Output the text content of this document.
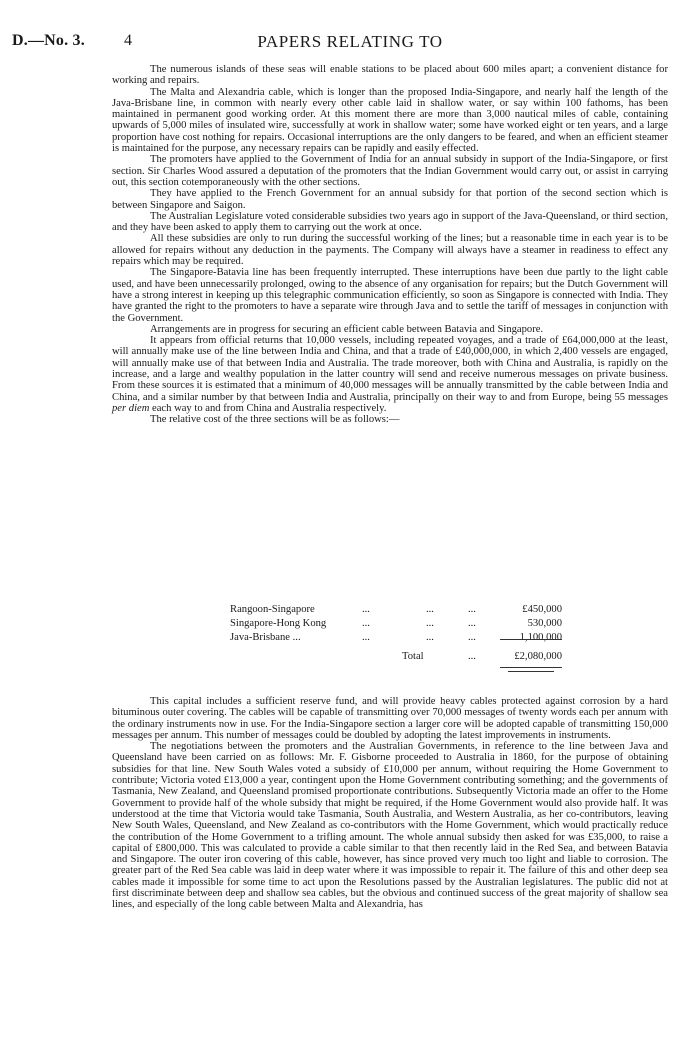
D.—No. 3. 4	PAPERS RELATING TO

The numerous islands of these seas will enable stations to be placed about 600 miles apart; a convenient distance for working and repairs.

The Malta and Alexandria cable, which is longer than the proposed India-Singapore, and nearly half the length of the Java-Brisbane line, in common with nearly every other cable laid in shallow water, or say within 100 fathoms, has been maintained in permanent good working order. At this moment there are more than 3,000 nautical miles of cable, containing upwards of 5,000 miles of insulated wire, successfully at work in shallow water; some have worked eight or ten years, and a large proportion have cost nothing for repairs. Occasional interruptions are the only dangers to be feared, and when an efficient steamer is maintained for the purpose, any necessary repairs can be rapidly and easily effected.

The promoters have applied to the Government of India for an annual subsidy in support of the India-Singapore, or first section. Sir Charles Wood assured a deputation of the promoters that the Indian Government would carry out, or assist in carrying out, this section cotemporaneously with the other sections.

They have applied to the French Government for an annual subsidy for that portion of the second section which is between Singapore and Saigon.

The Australian Legislature voted considerable subsidies two years ago in support of the Java-Queensland, or third section, and they have been asked to apply them to carrying out the work at once.

All these subsidies are only to run during the successful working of the lines; but a reasonable time in each year is to be allowed for repairs without any deduction in the payments. The Company will always have a steamer in readiness to effect any repairs which may be required.

The Singapore-Batavia line has been frequently interrupted. These interruptions have been due partly to the light cable used, and have been unnecessarily prolonged, owing to the absence of any organisation for repairs; but the Dutch Government will have a strong interest in keeping up this telegraphic communication efficiently, so soon as Singapore is connected with India. They have granted the right to the promoters to have a separate wire through Java and to settle the tariff of messages in conjunction with the Government.

Arrangements are in progress for securing an efficient cable between Batavia and Singapore.

It appears from official returns that 10,000 vessels, including repeated voyages, and a trade of £64,000,000 at the least, will annually make use of the line between India and China, and that a trade of £40,000,000, in which 2,400 vessels are engaged, will annually make use of that between India and Australia. The trade moreover, both with China and Australia, is rapidly on the increase, and a large and wealthy population in the latter country will send and receive numerous messages on private business. From these sources it is estimated that a minimum of 40,000 messages will be annually transmitted by the cable between India and China, and a similar number by that between India and Australia, principally on their way to and from Europe, being 55 messages per diem each way to and from China and Australia respectively.

The relative cost of the three sections will be as follows:—

Rangoon-Singapore	...	...	...	£450,000
Singapore-Hong Kong	...	...	...	530,000
Java-Brisbane ...	...	...	...	1,100,000
Total	...	£2,080,000

This capital includes a sufficient reserve fund, and will provide heavy cables protected against corrosion by a hard bituminous outer covering. The cables will be capable of transmitting over 70,000 messages of twenty words each per annum with the ordinary instruments now in use. For the India-Singapore section a larger core will be adopted capable of transmitting 150,000 messages per annum. This number of messages could be doubled by adopting the latest improvements in instruments.

The negotiations between the promoters and the Australian Governments, in reference to the line between Java and Queensland have been carried on as follows: Mr. F. Gisborne proceeded to Australia in 1860, for the purpose of obtaining subsidies for that line. New South Wales voted a subsidy of £10,000 per annum, without requiring the Home Government to contribute; Victoria voted £13,000 a year, contingent upon the Home Government contributing something; and the governments of Tasmania, New Zealand, and Queensland promised proportionate contributions. Subsequently Victoria made an offer to the Home Government to provide half of the whole subsidy that might be required, if the Home Government would also provide half. It was understood at the time that Victoria would take Tasmania, South Australia, and Western Australia, as her co-contributors, leaving New South Wales, Queensland, and New Zealand as co-contributors with the Home Government, which would practically reduce the contribution of the Home Government to a trifling amount. The whole annual subsidy then asked for was £35,000, to raise a capital of £800,000. This was calculated to provide a cable similar to that then recently laid in the Red Sea, and between Batavia and Singapore. The outer iron covering of this cable, however, has since proved very much too light and liable to corrosion. The greater part of the Red Sea cable was laid in deep water where it was impossible to repair it. The failure of this and other deep sea cables made it impossible for some time to act upon the Resolutions passed by the Australian legislatures. The public did not at first discriminate between deep and shallow sea cables, but the obvious and continued success of the great majority of shallow sea lines, and especially of the long cable between Malta and Alexandria, has
